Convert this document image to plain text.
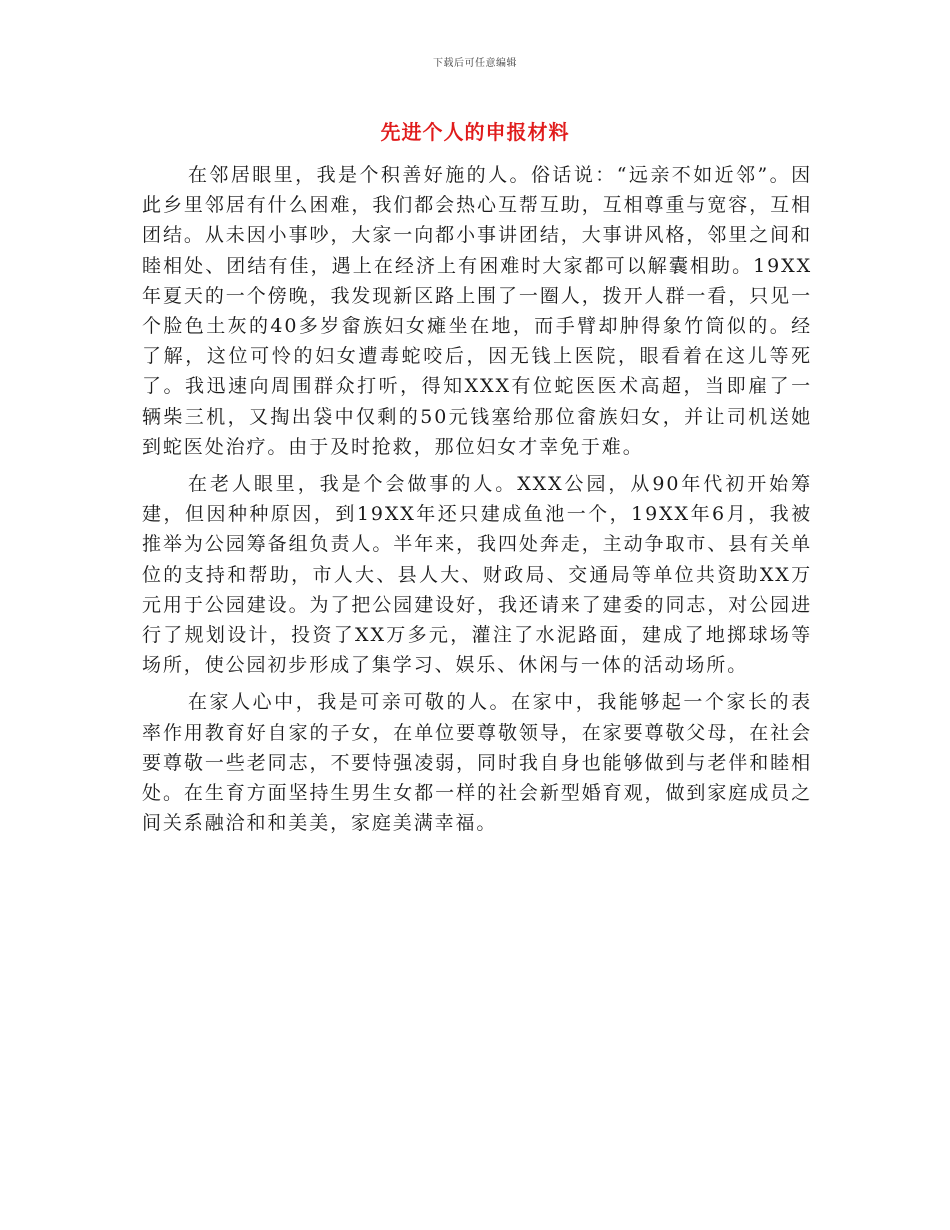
下载后可任意编辑
先进个人的申报材料

在邻居眼里，我是个积善好施的人。俗话说：“远亲不如近邻”。因此乡里邻居有什么困难，我们都会热心互帮互助，互相尊重与宽容，互相团结。从未因小事吵，大家一向都小事讲团结，大事讲风格，邻里之间和睦相处、团结有佳，遇上在经济上有困难时大家都可以解囊相助。19XX年夏天的一个傍晚，我发现新区路上围了一圈人，拨开人群一看，只见一个脸色土灰的40多岁畲族妇女瘫坐在地，而手臂却肿得象竹筒似的。经了解，这位可怜的妇女遭毒蛇咬后，因无钱上医院，眼看着在这儿等死了。我迅速向周围群众打听，得知XXX有位蛇医医术高超，当即雇了一辆柴三机，又掏出袋中仅剩的50元钱塞给那位畲族妇女，并让司机送她到蛇医处治疗。由于及时抢救，那位妇女才幸免于难。

在老人眼里，我是个会做事的人。XXX公园，从90年代初开始筹建，但因种种原因，到19XX年还只建成鱼池一个，19XX年6月，我被推举为公园筹备组负责人。半年来，我四处奔走，主动争取市、县有关单位的支持和帮助，市人大、县人大、财政局、交通局等单位共资助XX万元用于公园建设。为了把公园建设好，我还请来了建委的同志，对公园进行了规划设计，投资了XX万多元，灌注了水泥路面，建成了地掷球场等场所，使公园初步形成了集学习、娱乐、休闲与一体的活动场所。

在家人心中，我是可亲可敬的人。在家中，我能够起一个家长的表率作用教育好自家的子女，在单位要尊敬领导，在家要尊敬父母，在社会要尊敬一些老同志，不要恃强凌弱，同时我自身也能够做到与老伴和睦相处。在生育方面坚持生男生女都一样的社会新型婚育观，做到家庭成员之间关系融洽和和美美，家庭美满幸福。
